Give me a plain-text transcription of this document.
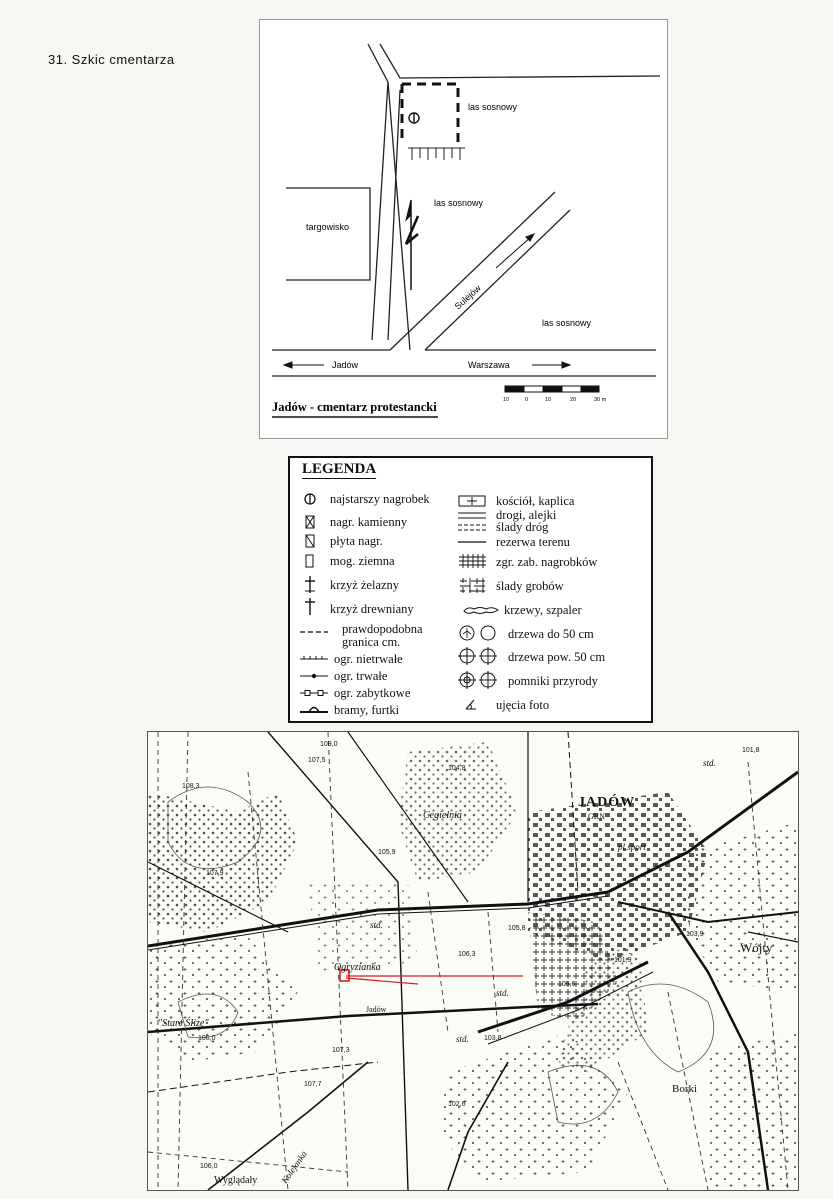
31. Szkic cmentarza
las sosnowy
las sosnowy
las sosnowy
targowisko
Sulejów
Jadów	Warszawa
10	0	10	20	30 m
Jadów - cmentarz protestancki
LEGENDA
najstarszy nagrobek
nagr. kamienny
płyta nagr.
mog. ziemna
krzyż żelazny
krzyż drewniany
prawdopodobna
granica cm.
ogr. nietrwałe
ogr. trwałe
ogr. zabytkowe
bramy, furtki
kościół, kaplica
drogi, alejki
ślady dróg
rezerwa terenu
zgr. zab. nagrobków
ślady grobów
krzewy, szpaler
drzewa do 50 cm
drzewa pow. 50 cm
pomniki przyrody
ujęcia foto
JADÓW
GRN
pl.sport
Cegielnia
Ogryzianka
Jadów
Wójty
Borki
"Stare Ślize"
Wyglądały Kolejanka
std.
std.
std.
std.
109,0
107,5
108,3
104,8
105,9
107,9
106,3
105,8
103,9
101,8
105,6
106,0
107,3
103,8
107,7
102,6
106,0
101,9
